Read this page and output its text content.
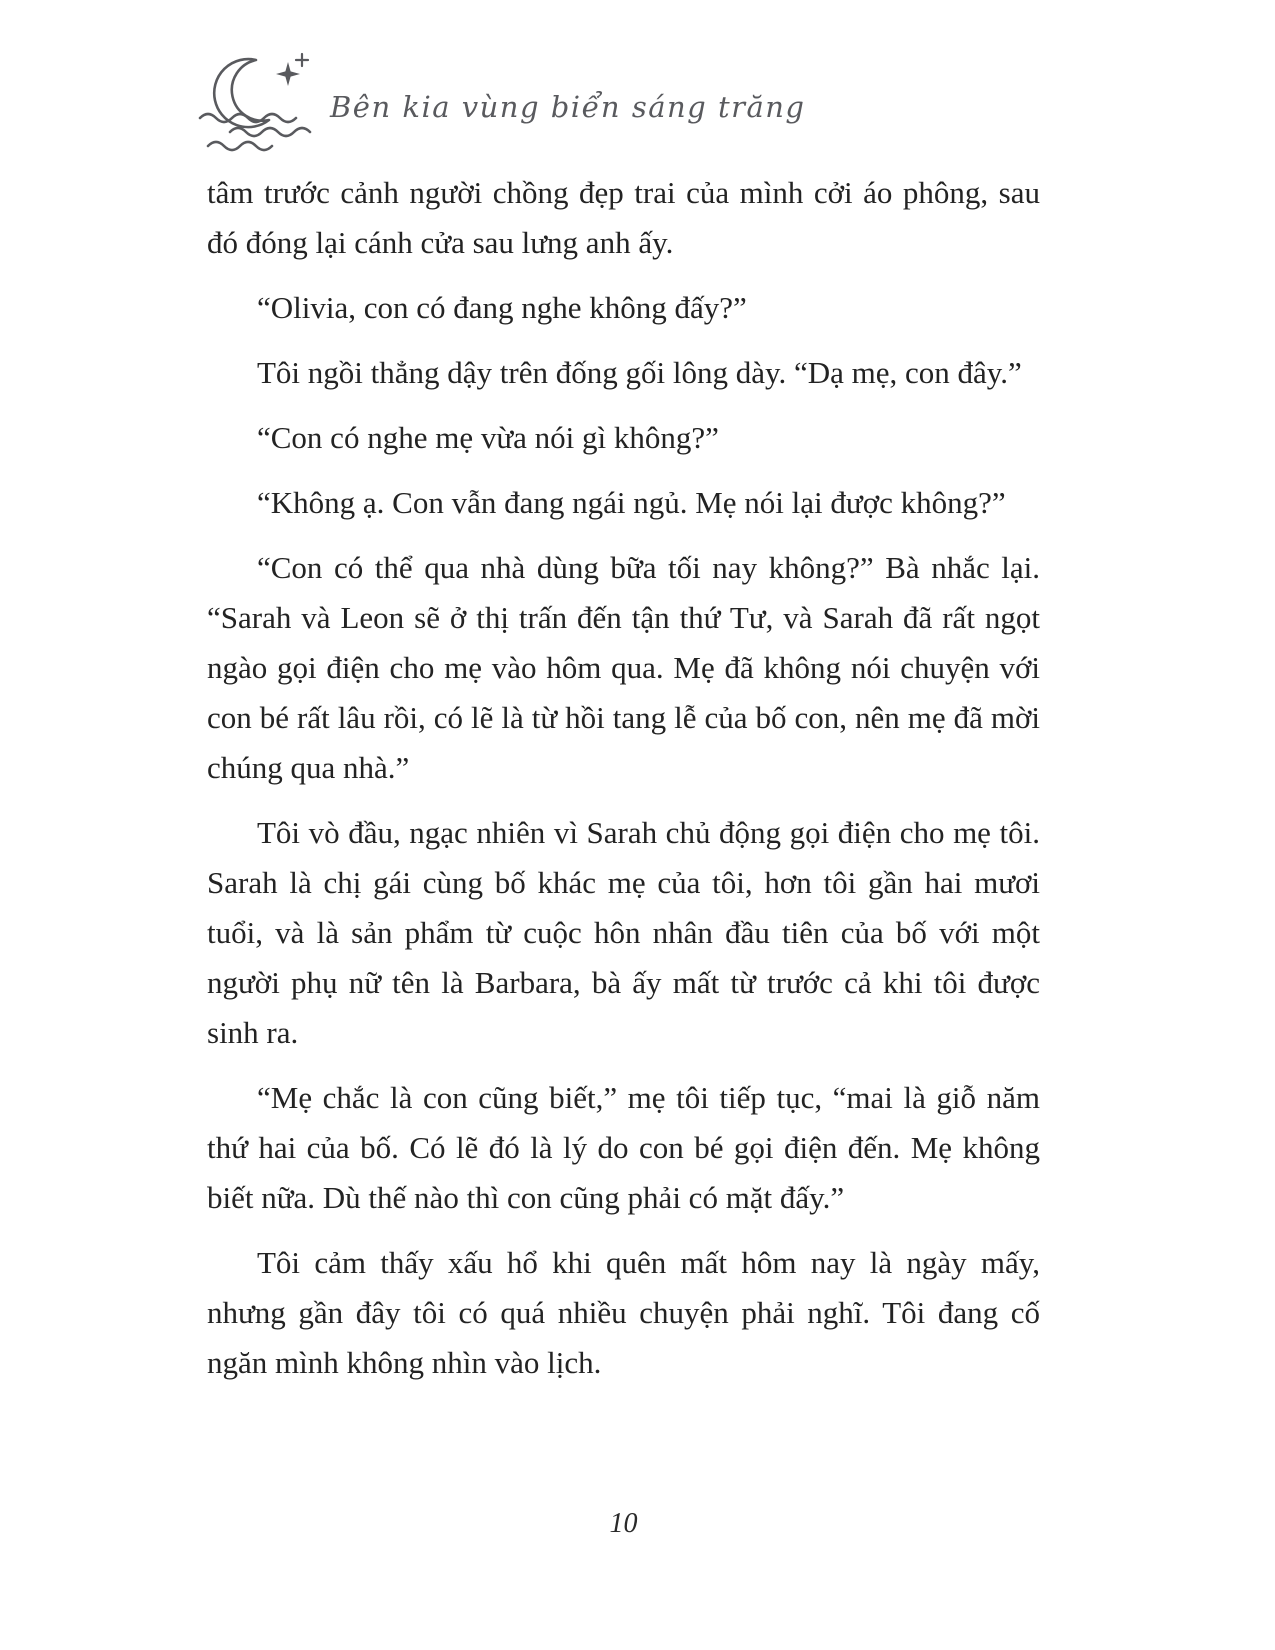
Bên kia vùng biển sáng trăng

tâm trước cảnh người chồng đẹp trai của mình cởi áo phông, sau đó đóng lại cánh cửa sau lưng anh ấy.

“Olivia, con có đang nghe không đấy?”

Tôi ngồi thẳng dậy trên đống gối lông dày. “Dạ mẹ, con đây.”

“Con có nghe mẹ vừa nói gì không?”

“Không ạ. Con vẫn đang ngái ngủ. Mẹ nói lại được không?”

“Con có thể qua nhà dùng bữa tối nay không?” Bà nhắc lại. “Sarah và Leon sẽ ở thị trấn đến tận thứ Tư, và Sarah đã rất ngọt ngào gọi điện cho mẹ vào hôm qua. Mẹ đã không nói chuyện với con bé rất lâu rồi, có lẽ là từ hồi tang lễ của bố con, nên mẹ đã mời chúng qua nhà.”

Tôi vò đầu, ngạc nhiên vì Sarah chủ động gọi điện cho mẹ tôi. Sarah là chị gái cùng bố khác mẹ của tôi, hơn tôi gần hai mươi tuổi, và là sản phẩm từ cuộc hôn nhân đầu tiên của bố với một người phụ nữ tên là Barbara, bà ấy mất từ trước cả khi tôi được sinh ra.

“Mẹ chắc là con cũng biết,” mẹ tôi tiếp tục, “mai là giỗ năm thứ hai của bố. Có lẽ đó là lý do con bé gọi điện đến. Mẹ không biết nữa. Dù thế nào thì con cũng phải có mặt đấy.”

Tôi cảm thấy xấu hổ khi quên mất hôm nay là ngày mấy, nhưng gần đây tôi có quá nhiều chuyện phải nghĩ. Tôi đang cố ngăn mình không nhìn vào lịch.

10
